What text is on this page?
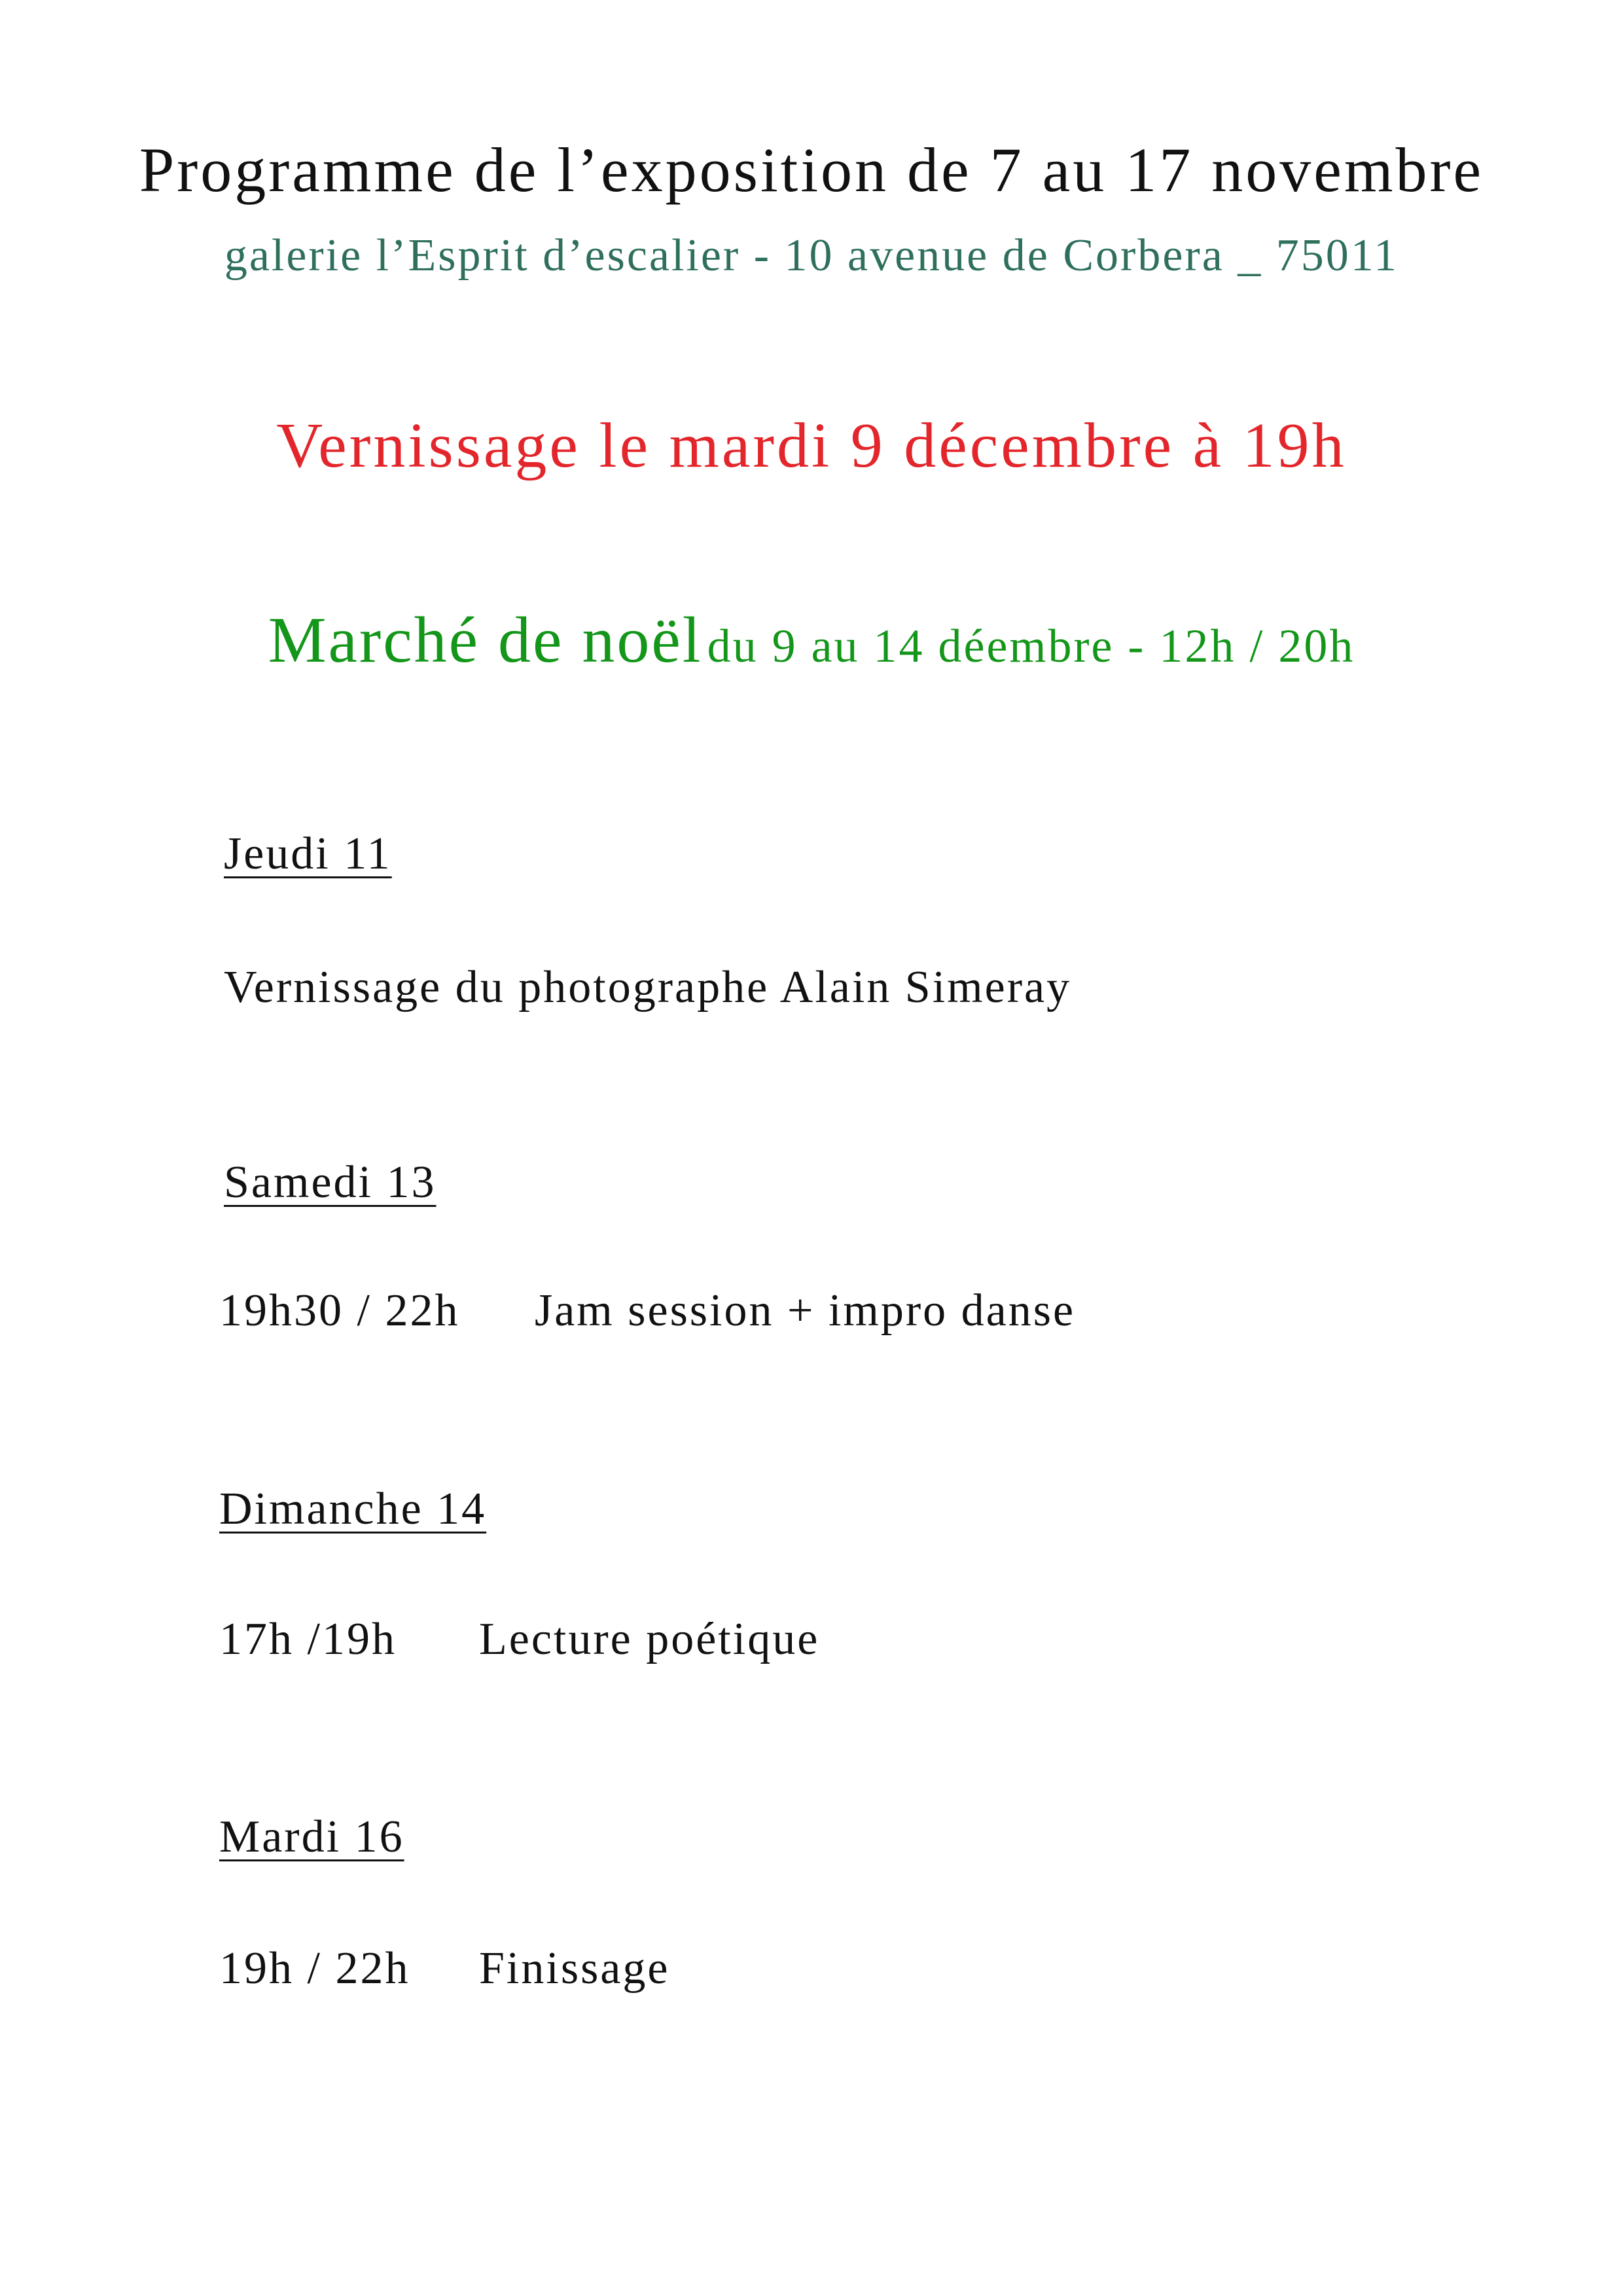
Programme de l’exposition de 7 au 17 novembre
galerie l’Esprit d’escalier - 10 avenue de Corbera _ 75011
Vernissage le mardi 9 décembre à 19h
Marché de noël du 9 au 14 déembre - 12h / 20h
Jeudi 11
Vernissage du photographe Alain Simeray
Samedi 13
19h30 / 22h Jam session + impro danse
Dimanche 14
17h /19h Lecture poétique
Mardi 16
19h / 22h Finissage
